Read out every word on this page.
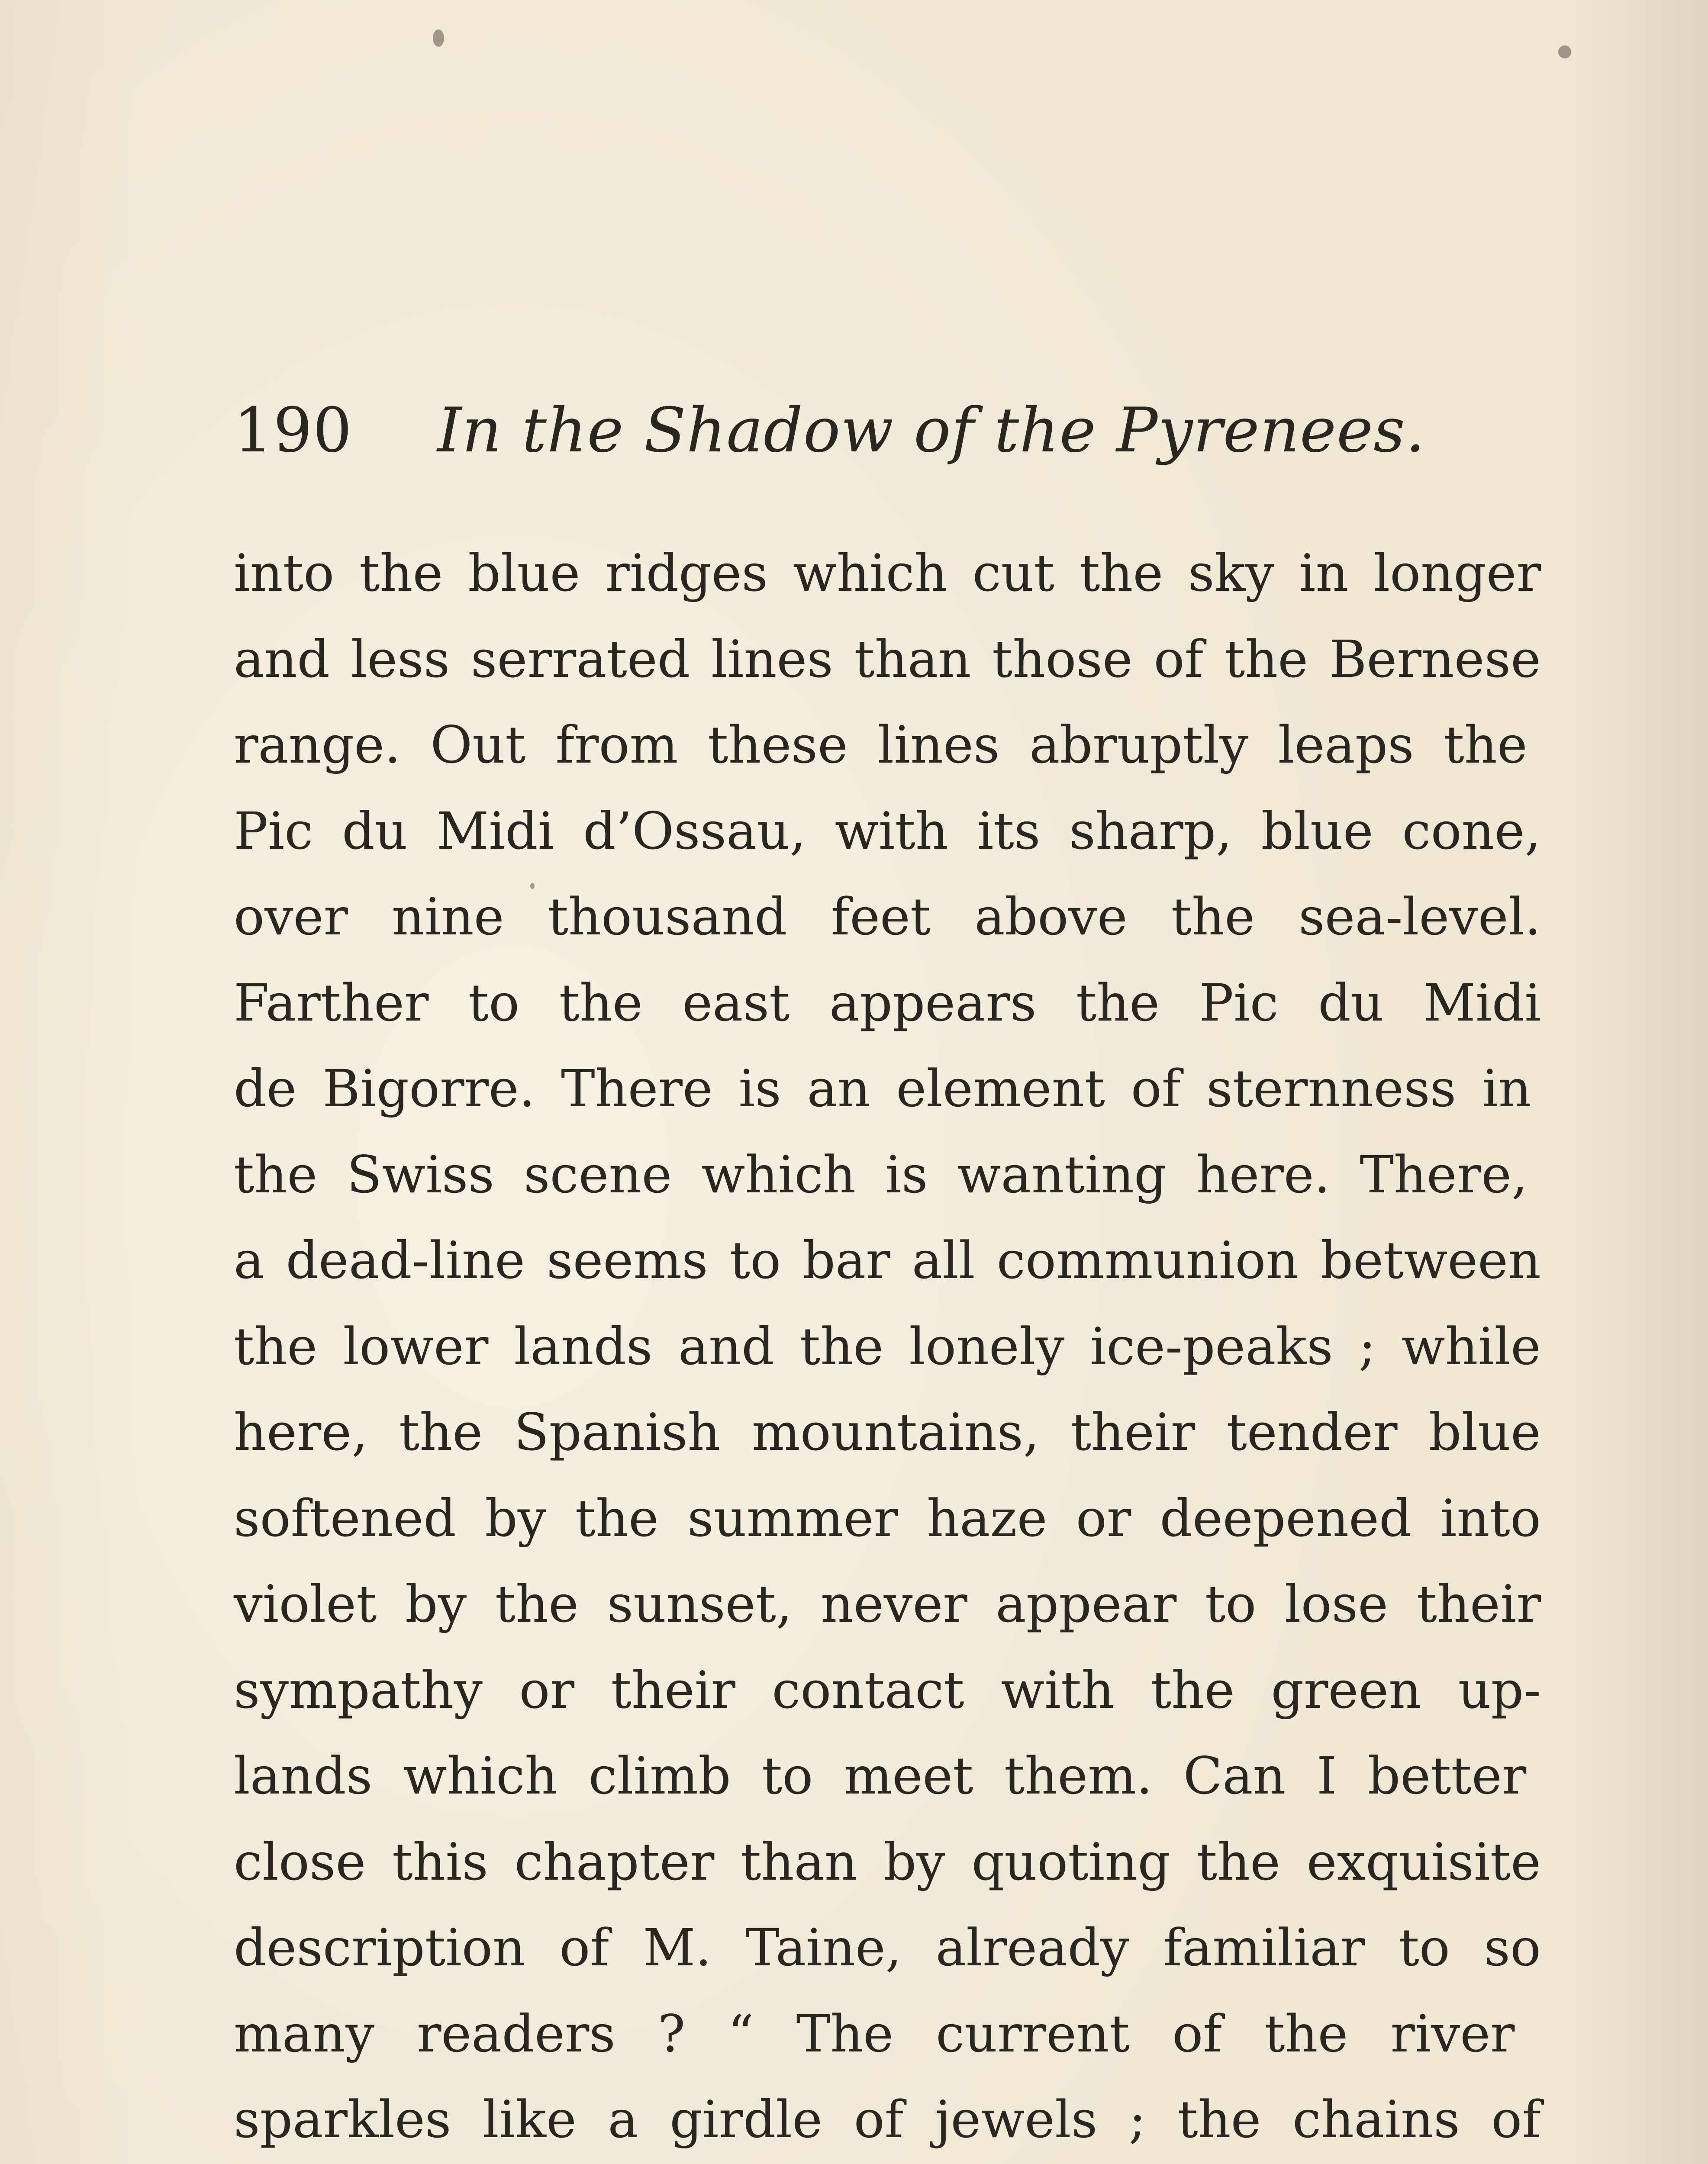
190 In the Shadow of the Pyrenees.
into the blue ridges which cut the sky in longer
and less serrated lines than those of the Bernese
range. Out from these lines abruptly leaps the
Pic du Midi d’Ossau, with its sharp, blue cone,
over nine thousand feet above the sea-level.
Farther to the east appears the Pic du Midi
de Bigorre. There is an element of sternness in
the Swiss scene which is wanting here. There,
a dead-line seems to bar all communion between
the lower lands and the lonely ice-peaks ; while
here, the Spanish mountains, their tender blue
softened by the summer haze or deepened into
violet by the sunset, never appear to lose their
sympathy or their contact with the green up-
lands which climb to meet them. Can I better
close this chapter than by quoting the exquisite
description of M. Taine, already familiar to so
many readers ? “ The current of the river
sparkles like a girdle of jewels ; the chains of
